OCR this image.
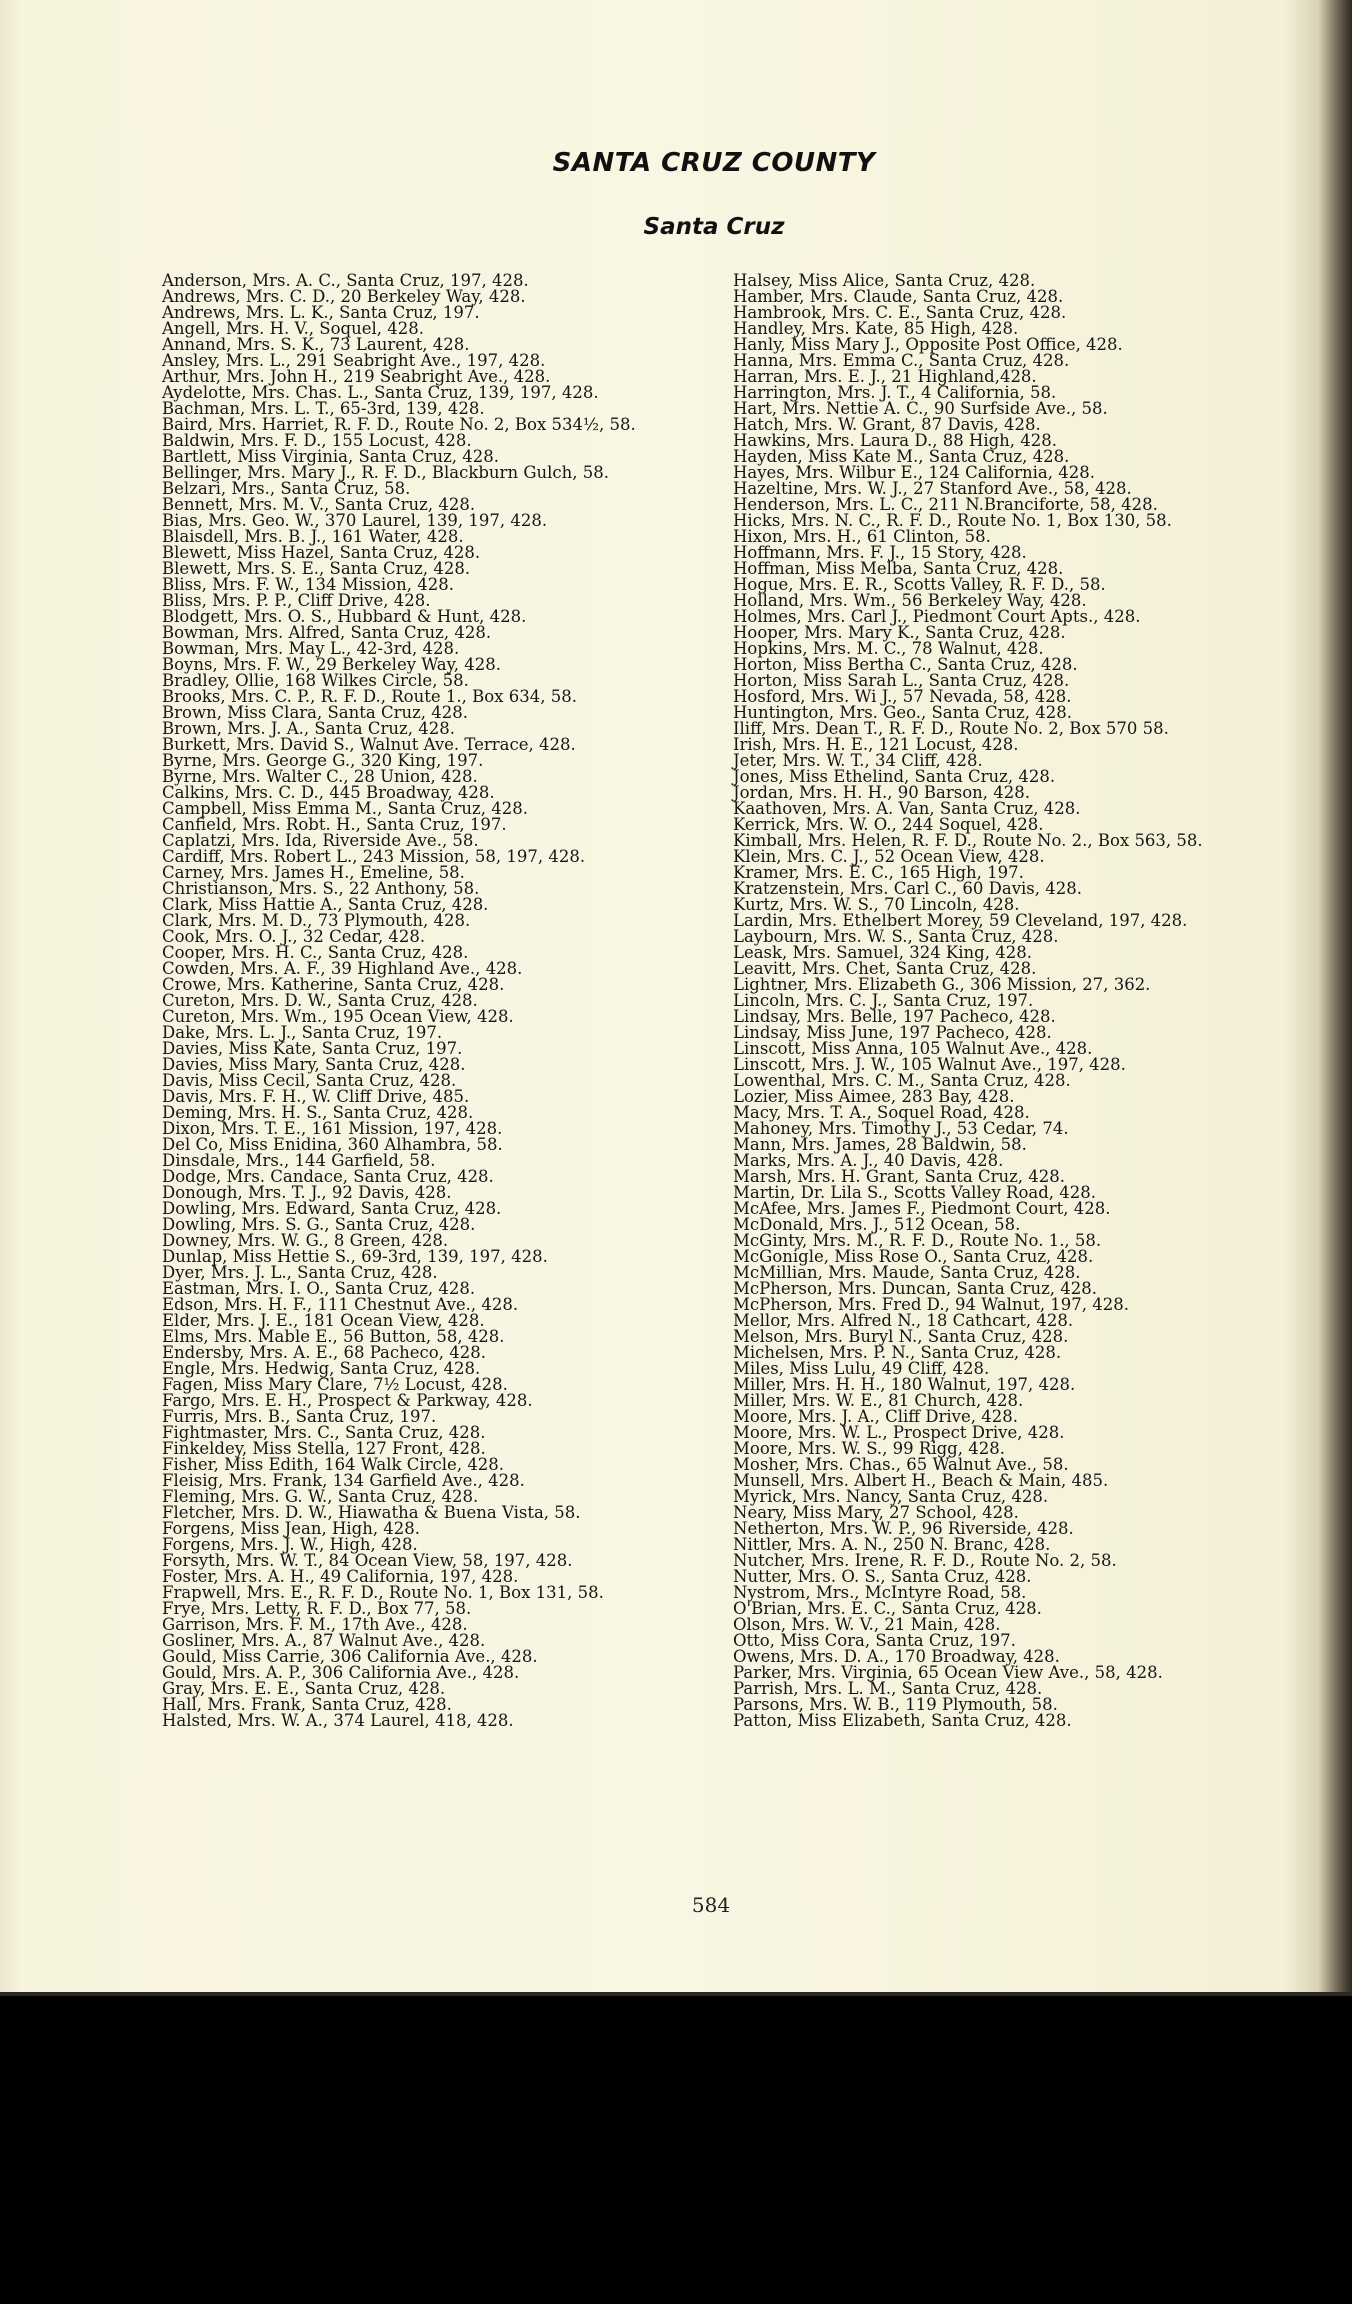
SANTA CRUZ COUNTY
Santa Cruz
Anderson, Mrs. A. C., Santa Cruz, 197, 428.
Andrews, Mrs. C. D., 20 Berkeley Way, 428.
Andrews, Mrs. L. K., Santa Cruz, 197.
Angell, Mrs. H. V., Soquel, 428.
Annand, Mrs. S. K., 73 Laurent, 428.
Ansley, Mrs. L., 291 Seabright Ave., 197, 428.
Arthur, Mrs. John H., 219 Seabright Ave., 428.
Aydelotte, Mrs. Chas. L., Santa Cruz, 139, 197, 428.
Bachman, Mrs. L. T., 65-3rd, 139, 428.
Baird, Mrs. Harriet, R. F. D., Route No. 2, Box 534½, 58.
Baldwin, Mrs. F. D., 155 Locust, 428.
Bartlett, Miss Virginia, Santa Cruz, 428.
Bellinger, Mrs. Mary J., R. F. D., Blackburn Gulch, 58.
Belzari, Mrs., Santa Cruz, 58.
Bennett, Mrs. M. V., Santa Cruz, 428.
Bias, Mrs. Geo. W., 370 Laurel, 139, 197, 428.
Blaisdell, Mrs. B. J., 161 Water, 428.
Blewett, Miss Hazel, Santa Cruz, 428.
Blewett, Mrs. S. E., Santa Cruz, 428.
Bliss, Mrs. F. W., 134 Mission, 428.
Bliss, Mrs. P. P., Cliff Drive, 428.
Blodgett, Mrs. O. S., Hubbard & Hunt, 428.
Bowman, Mrs. Alfred, Santa Cruz, 428.
Bowman, Mrs. May L., 42-3rd, 428.
Boyns, Mrs. F. W., 29 Berkeley Way, 428.
Bradley, Ollie, 168 Wilkes Circle, 58.
Brooks, Mrs. C. P., R. F. D., Route 1., Box 634, 58.
Brown, Miss Clara, Santa Cruz, 428.
Brown, Mrs. J. A., Santa Cruz, 428.
Burkett, Mrs. David S., Walnut Ave. Terrace, 428.
Byrne, Mrs. George G., 320 King, 197.
Byrne, Mrs. Walter C., 28 Union, 428.
Calkins, Mrs. C. D., 445 Broadway, 428.
Campbell, Miss Emma M., Santa Cruz, 428.
Canfield, Mrs. Robt. H., Santa Cruz, 197.
Caplatzi, Mrs. Ida, Riverside Ave., 58.
Cardiff, Mrs. Robert L., 243 Mission, 58, 197, 428.
Carney, Mrs. James H., Emeline, 58.
Christianson, Mrs. S., 22 Anthony, 58.
Clark, Miss Hattie A., Santa Cruz, 428.
Clark, Mrs. M. D., 73 Plymouth, 428.
Cook, Mrs. O. J., 32 Cedar, 428.
Cooper, Mrs. H. C., Santa Cruz, 428.
Cowden, Mrs. A. F., 39 Highland Ave., 428.
Crowe, Mrs. Katherine, Santa Cruz, 428.
Cureton, Mrs. D. W., Santa Cruz, 428.
Cureton, Mrs. Wm., 195 Ocean View, 428.
Dake, Mrs. L. J., Santa Cruz, 197.
Davies, Miss Kate, Santa Cruz, 197.
Davies, Miss Mary, Santa Cruz, 428.
Davis, Miss Cecil, Santa Cruz, 428.
Davis, Mrs. F. H., W. Cliff Drive, 485.
Deming, Mrs. H. S., Santa Cruz, 428.
Dixon, Mrs. T. E., 161 Mission, 197, 428.
Del Co, Miss Enidina, 360 Alhambra, 58.
Dinsdale, Mrs., 144 Garfield, 58.
Dodge, Mrs. Candace, Santa Cruz, 428.
Donough, Mrs. T. J., 92 Davis, 428.
Dowling, Mrs. Edward, Santa Cruz, 428.
Dowling, Mrs. S. G., Santa Cruz, 428.
Downey, Mrs. W. G., 8 Green, 428.
Dunlap, Miss Hettie S., 69-3rd, 139, 197, 428.
Dyer, Mrs. J. L., Santa Cruz, 428.
Eastman, Mrs. I. O., Santa Cruz, 428.
Edson, Mrs. H. F., 111 Chestnut Ave., 428.
Elder, Mrs. J. E., 181 Ocean View, 428.
Elms, Mrs. Mable E., 56 Button, 58, 428.
Endersby, Mrs. A. E., 68 Pacheco, 428.
Engle, Mrs. Hedwig, Santa Cruz, 428.
Fagen, Miss Mary Clare, 7½ Locust, 428.
Fargo, Mrs. E. H., Prospect & Parkway, 428.
Furris, Mrs. B., Santa Cruz, 197.
Fightmaster, Mrs. C., Santa Cruz, 428.
Finkeldey, Miss Stella, 127 Front, 428.
Fisher, Miss Edith, 164 Walk Circle, 428.
Fleisig, Mrs. Frank, 134 Garfield Ave., 428.
Fleming, Mrs. G. W., Santa Cruz, 428.
Fletcher, Mrs. D. W., Hiawatha & Buena Vista, 58.
Forgens, Miss Jean, High, 428.
Forgens, Mrs. J. W., High, 428.
Forsyth, Mrs. W. T., 84 Ocean View, 58, 197, 428.
Foster, Mrs. A. H., 49 California, 197, 428.
Frapwell, Mrs. E., R. F. D., Route No. 1, Box 131, 58.
Frye, Mrs. Letty, R. F. D., Box 77, 58.
Garrison, Mrs. F. M., 17th Ave., 428.
Gosliner, Mrs. A., 87 Walnut Ave., 428.
Gould, Miss Carrie, 306 California Ave., 428.
Gould, Mrs. A. P., 306 California Ave., 428.
Gray, Mrs. E. E., Santa Cruz, 428.
Hall, Mrs. Frank, Santa Cruz, 428.
Halsted, Mrs. W. A., 374 Laurel, 418, 428.
Halsey, Miss Alice, Santa Cruz, 428.
Hamber, Mrs. Claude, Santa Cruz, 428.
Hambrook, Mrs. C. E., Santa Cruz, 428.
Handley, Mrs. Kate, 85 High, 428.
Hanly, Miss Mary J., Opposite Post Office, 428.
Hanna, Mrs. Emma C., Santa Cruz, 428.
Harran, Mrs. E. J., 21 Highland,428.
Harrington, Mrs. J. T., 4 California, 58.
Hart, Mrs. Nettie A. C., 90 Surfside Ave., 58.
Hatch, Mrs. W. Grant, 87 Davis, 428.
Hawkins, Mrs. Laura D., 88 High, 428.
Hayden, Miss Kate M., Santa Cruz, 428.
Hayes, Mrs. Wilbur E., 124 California, 428.
Hazeltine, Mrs. W. J., 27 Stanford Ave., 58, 428.
Henderson, Mrs. L. C., 211 N.Branciforte, 58, 428.
Hicks, Mrs. N. C., R. F. D., Route No. 1, Box 130, 58.
Hixon, Mrs. H., 61 Clinton, 58.
Hoffmann, Mrs. F. J., 15 Story, 428.
Hoffman, Miss Melba, Santa Cruz, 428.
Hogue, Mrs. E. R., Scotts Valley, R. F. D., 58.
Holland, Mrs. Wm., 56 Berkeley Way, 428.
Holmes, Mrs. Carl J., Piedmont Court Apts., 428.
Hooper, Mrs. Mary K., Santa Cruz, 428.
Hopkins, Mrs. M. C., 78 Walnut, 428.
Horton, Miss Bertha C., Santa Cruz, 428.
Horton, Miss Sarah L., Santa Cruz, 428.
Hosford, Mrs. Wi J., 57 Nevada, 58, 428.
Huntington, Mrs. Geo., Santa Cruz, 428.
Iliff, Mrs. Dean T., R. F. D., Route No. 2, Box 570 58.
Irish, Mrs. H. E., 121 Locust, 428.
Jeter, Mrs. W. T., 34 Cliff, 428.
Jones, Miss Ethelind, Santa Cruz, 428.
Jordan, Mrs. H. H., 90 Barson, 428.
Kaathoven, Mrs. A. Van, Santa Cruz, 428.
Kerrick, Mrs. W. O., 244 Soquel, 428.
Kimball, Mrs. Helen, R. F. D., Route No. 2., Box 563, 58.
Klein, Mrs. C. J., 52 Ocean View, 428.
Kramer, Mrs. E. C., 165 High, 197.
Kratzenstein, Mrs. Carl C., 60 Davis, 428.
Kurtz, Mrs. W. S., 70 Lincoln, 428.
Lardin, Mrs. Ethelbert Morey, 59 Cleveland, 197, 428.
Laybourn, Mrs. W. S., Santa Cruz, 428.
Leask, Mrs. Samuel, 324 King, 428.
Leavitt, Mrs. Chet, Santa Cruz, 428.
Lightner, Mrs. Elizabeth G., 306 Mission, 27, 362.
Lincoln, Mrs. C. J., Santa Cruz, 197.
Lindsay, Mrs. Belle, 197 Pacheco, 428.
Lindsay, Miss June, 197 Pacheco, 428.
Linscott, Miss Anna, 105 Walnut Ave., 428.
Linscott, Mrs. J. W., 105 Walnut Ave., 197, 428.
Lowenthal, Mrs. C. M., Santa Cruz, 428.
Lozier, Miss Aimee, 283 Bay, 428.
Macy, Mrs. T. A., Soquel Road, 428.
Mahoney, Mrs. Timothy J., 53 Cedar, 74.
Mann, Mrs. James, 28 Baldwin, 58.
Marks, Mrs. A. J., 40 Davis, 428.
Marsh, Mrs. H. Grant, Santa Cruz, 428.
Martin, Dr. Lila S., Scotts Valley Road, 428.
McAfee, Mrs. James F., Piedmont Court, 428.
McDonald, Mrs. J., 512 Ocean, 58.
McGinty, Mrs. M., R. F. D., Route No. 1., 58.
McGonigle, Miss Rose O., Santa Cruz, 428.
McMillian, Mrs. Maude, Santa Cruz, 428.
McPherson, Mrs. Duncan, Santa Cruz, 428.
McPherson, Mrs. Fred D., 94 Walnut, 197, 428.
Mellor, Mrs. Alfred N., 18 Cathcart, 428.
Melson, Mrs. Buryl N., Santa Cruz, 428.
Michelsen, Mrs. P. N., Santa Cruz, 428.
Miles, Miss Lulu, 49 Cliff, 428.
Miller, Mrs. H. H., 180 Walnut, 197, 428.
Miller, Mrs. W. E., 81 Church, 428.
Moore, Mrs. J. A., Cliff Drive, 428.
Moore, Mrs. W. L., Prospect Drive, 428.
Moore, Mrs. W. S., 99 Rigg, 428.
Mosher, Mrs. Chas., 65 Walnut Ave., 58.
Munsell, Mrs. Albert H., Beach & Main, 485.
Myrick, Mrs. Nancy, Santa Cruz, 428.
Neary, Miss Mary, 27 School, 428.
Netherton, Mrs. W. P., 96 Riverside, 428.
Nittler, Mrs. A. N., 250 N. Branc, 428.
Nutcher, Mrs. Irene, R. F. D., Route No. 2, 58.
Nutter, Mrs. O. S., Santa Cruz, 428.
Nystrom, Mrs., McIntyre Road, 58.
O'Brian, Mrs. E. C., Santa Cruz, 428.
Olson, Mrs. W. V., 21 Main, 428.
Otto, Miss Cora, Santa Cruz, 197.
Owens, Mrs. D. A., 170 Broadway, 428.
Parker, Mrs. Virginia, 65 Ocean View Ave., 58, 428.
Parrish, Mrs. L. M., Santa Cruz, 428.
Parsons, Mrs. W. B., 119 Plymouth, 58.
Patton, Miss Elizabeth, Santa Cruz, 428.
584
